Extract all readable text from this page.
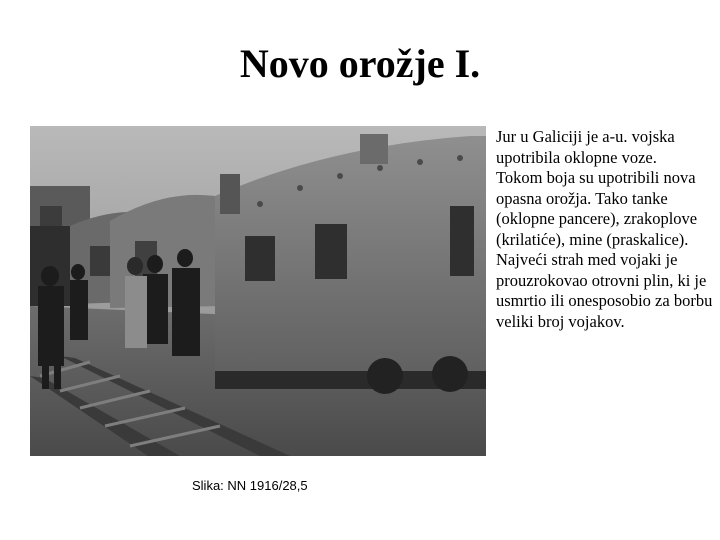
Novo orožje I.

Jur u Galiciji je a-u. vojska upotribila oklopne voze.

Tokom boja su upotribili nova opasna orožja. Tako tanke (oklopne pancere), zrakoplove (krilatiće), mine (praskalice).

Najveći strah med vojaki je prouzrokovao otrovni plin, ki je usmrtio ili onesposobio za borbu veliki broj vojakov.

Slika: NN 1916/28,5
